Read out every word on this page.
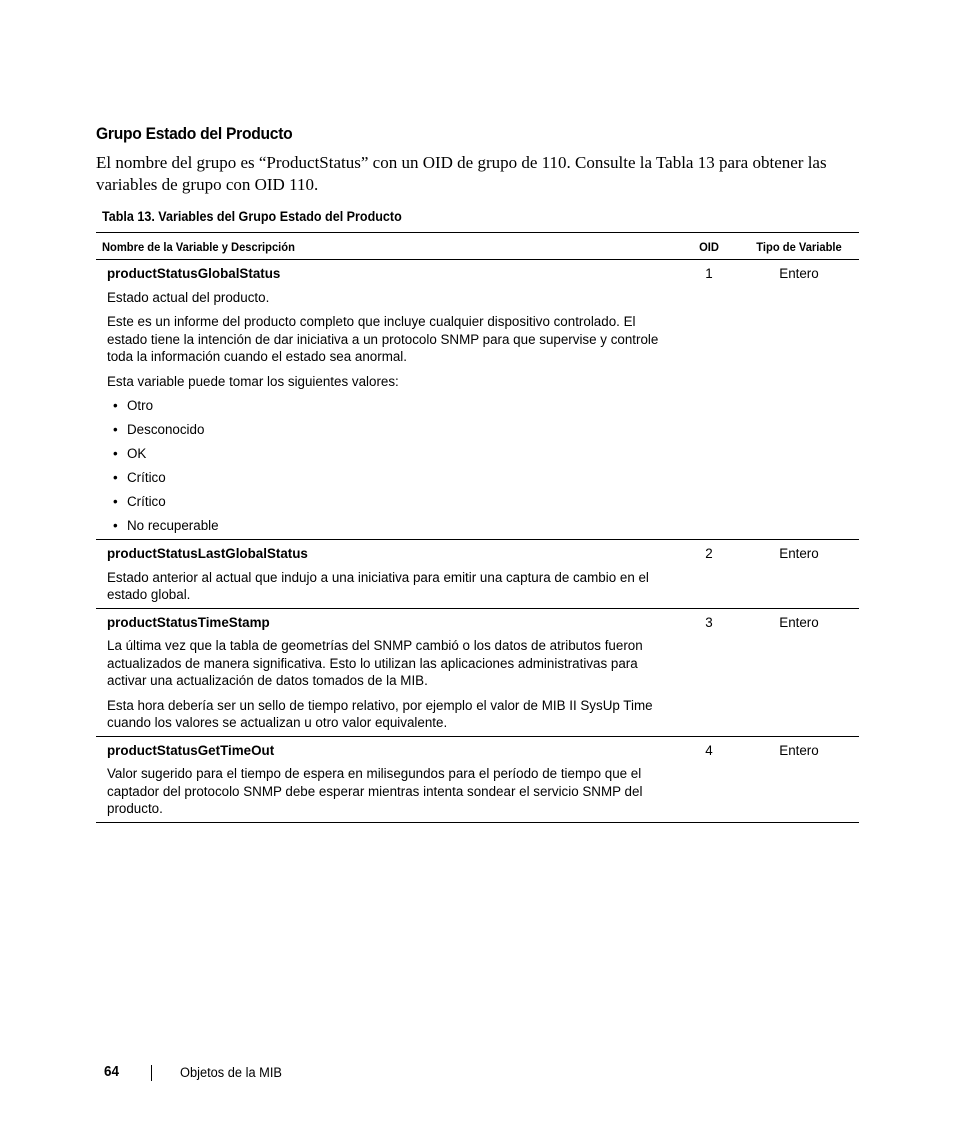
Grupo Estado del Producto
El nombre del grupo es “ProductStatus” con un OID de grupo de 110. Consulte la Tabla 13 para obtener las variables de grupo con OID 110.
Tabla 13. Variables del Grupo Estado del Producto
Nombre de la Variable y Descripción	OID	Tipo de Variable
productStatusGlobalStatus

Estado actual del producto.

Este es un informe del producto completo que incluye cualquier dispositivo controlado. El estado tiene la intención de dar iniciativa a un protocolo SNMP para que supervise y controle toda la información cuando el estado sea anormal.

Esta variable puede tomar los siguientes valores:

• Otro
• Desconocido
• OK
• Crítico
• Crítico
• No recuperable
1	Entero
productStatusLastGlobalStatus

Estado anterior al actual que indujo a una iniciativa para emitir una captura de cambio en el estado global.

2	Entero
productStatusTimeStamp

La última vez que la tabla de geometrías del SNMP cambió o los datos de atributos fueron actualizados de manera significativa. Esto lo utilizan las aplicaciones administrativas para activar una actualización de datos tomados de la MIB.

Esta hora debería ser un sello de tiempo relativo, por ejemplo el valor de MIB II SysUp Time cuando los valores se actualizan u otro valor equivalente.

3	Entero
productStatusGetTimeOut

Valor sugerido para el tiempo de espera en milisegundos para el período de tiempo que el captador del protocolo SNMP debe esperar mientras intenta sondear el servicio SNMP del producto.

4	Entero
64	Objetos de la MIB
